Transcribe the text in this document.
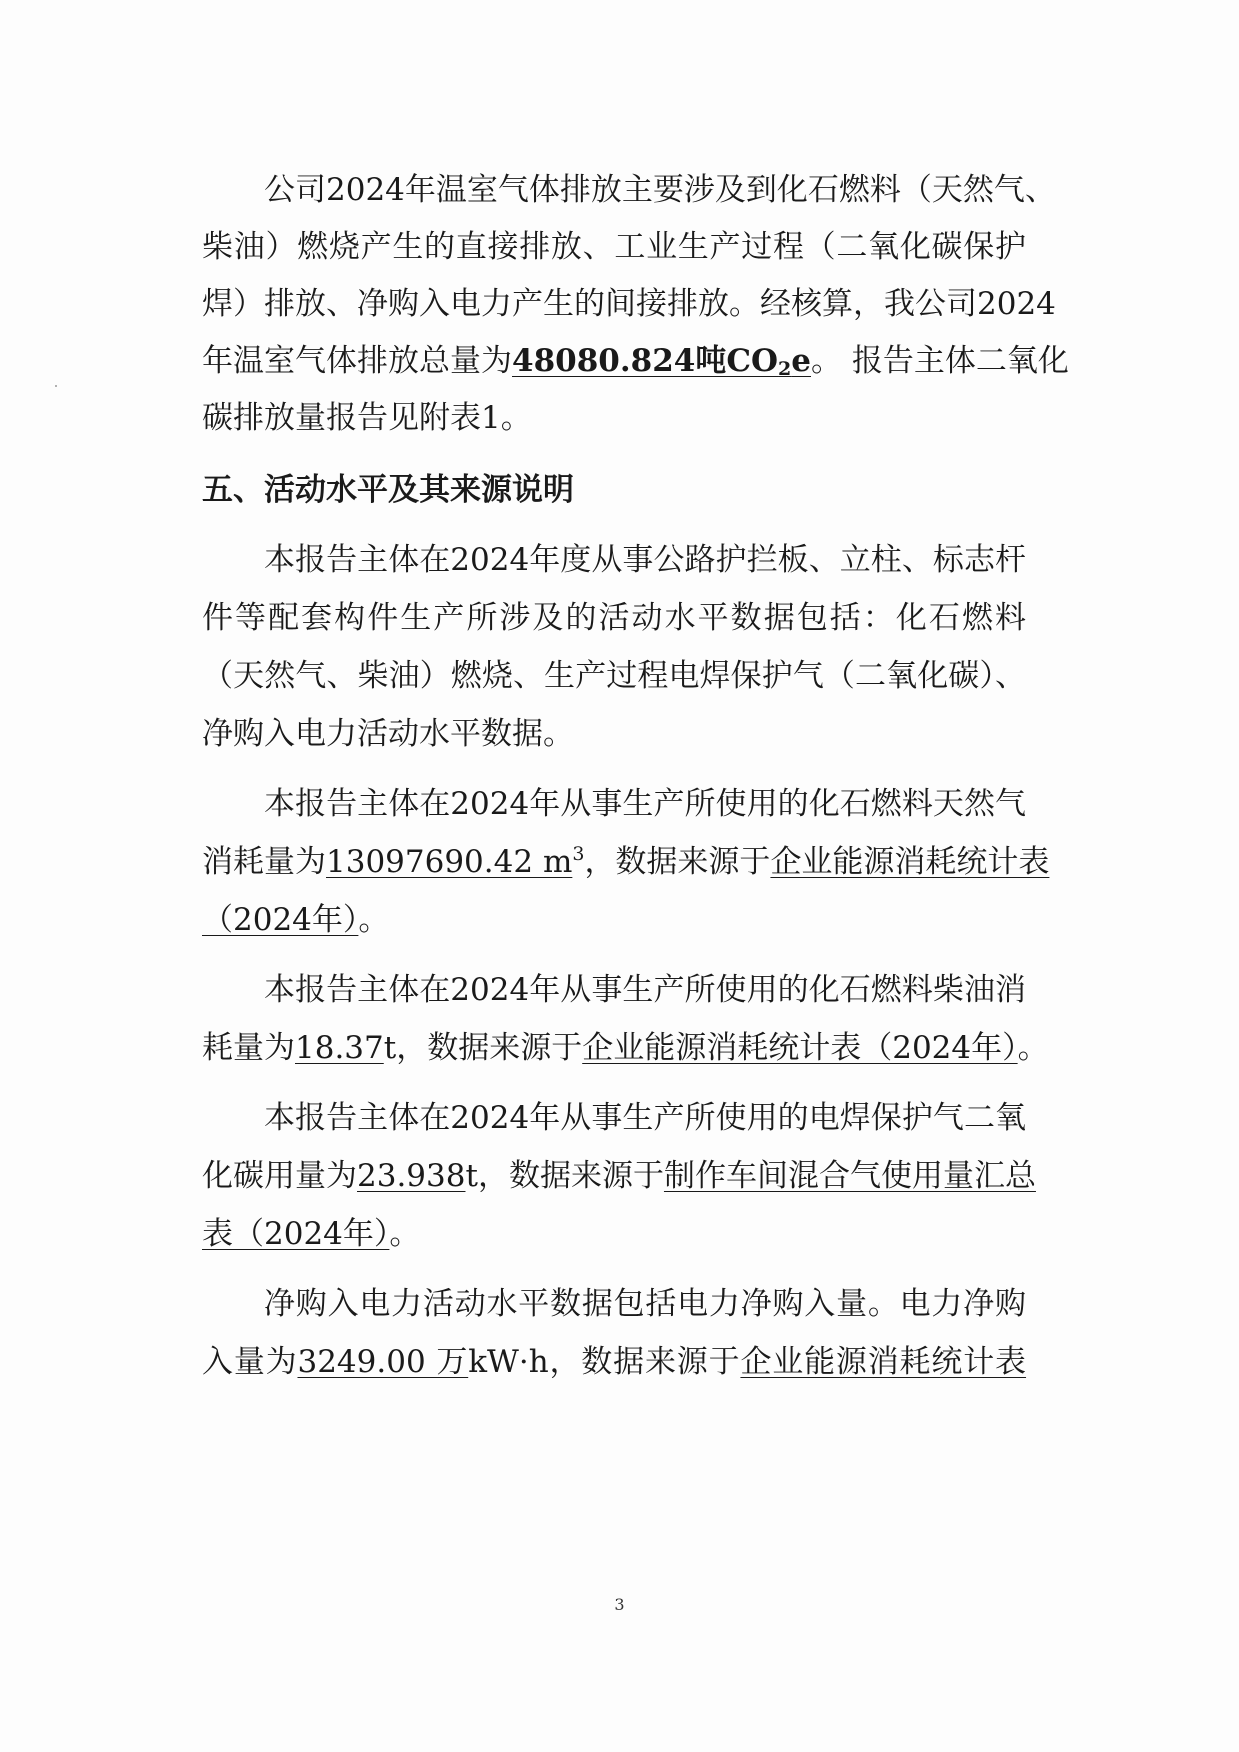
公司2024年温室气体排放主要涉及到化石燃料（天然气、
柴油）燃烧产生的直接排放、工业生产过程（二氧化碳保护
焊）排放、净购入电力产生的间接排放。经核算，我公司2024
年温室气体排放总量为48080.824吨$CO_2e$。 报告主体二氧化
碳排放量报告见附表1。
五、活动水平及其来源说明
本报告主体在2024年度从事公路护拦板、立柱、标志杆
件等配套构件生产所涉及的活动水平数据包括：化石燃料
（天然气、柴油）燃烧、生产过程电焊保护气（二氧化碳）、
净购入电力活动水平数据。
本报告主体在2024年从事生产所使用的化石燃料天然气
消耗量为13097690.42 $m^3$，数据来源于企业能源消耗统计表
（2024年）。
本报告主体在2024年从事生产所使用的化石燃料柴油消
耗量为18.37t，数据来源于企业能源消耗统计表（2024年）。
本报告主体在2024年从事生产所使用的电焊保护气二氧
化碳用量为23.938t，数据来源于制作车间混合气使用量汇总
表（2024年）。
净购入电力活动水平数据包括电力净购入量。电力净购
入量为3249.00 万kW·h，数据来源于企业能源消耗统计表
3
